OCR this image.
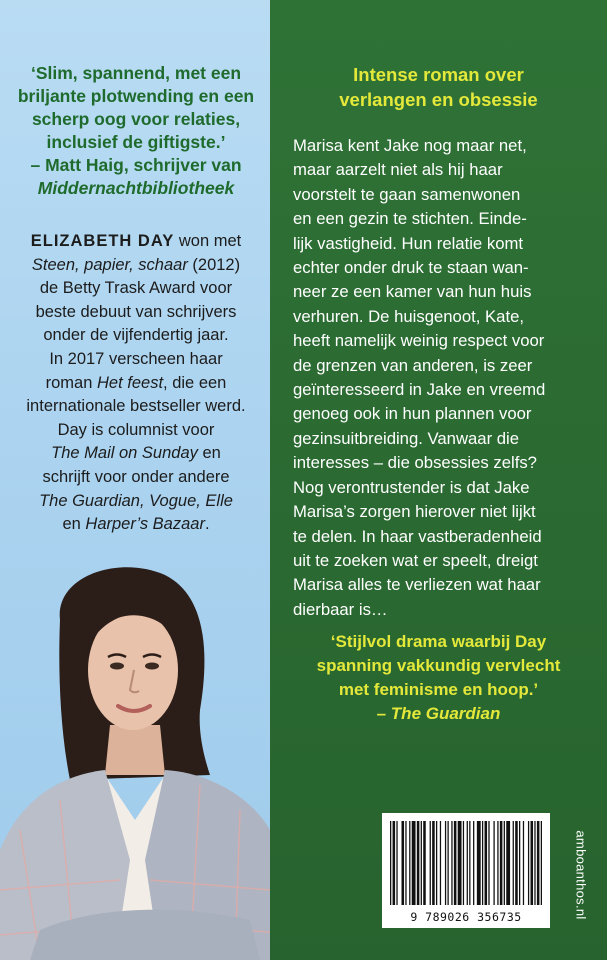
‘Slim, spannend, met een
briljante plotwending en een
scherp oog voor relaties,
inclusief de giftigste.’
– Matt Haig, schrijver van
Middernachtbibliotheek
ELIZABETH DAY won met
Steen, papier, schaar (2012)
de Betty Trask Award voor
beste debuut van schrijvers
onder de vijfendertig jaar.
In 2017 verscheen haar
roman Het feest, die een
internationale bestseller werd.
Day is columnist voor
The Mail on Sunday en
schrijft voor onder andere
The Guardian, Vogue, Elle
en Harper’s Bazaar.
Intense roman over
verlangen en obsessie
Marisa kent Jake nog maar net,
maar aarzelt niet als hij haar
voorstelt te gaan samenwonen
en een gezin te stichten. Einde-
lijk vastigheid. Hun relatie komt
echter onder druk te staan wan-
neer ze een kamer van hun huis
verhuren. De huisgenoot, Kate,
heeft namelijk weinig respect voor
de grenzen van anderen, is zeer
geïnteresseerd in Jake en vreemd
genoeg ook in hun plannen voor
gezinsuitbreiding. Vanwaar die
interesses – die obsessies zelfs?
Nog verontrustender is dat Jake
Marisa’s zorgen hierover niet lijkt
te delen. In haar vastberadenheid
uit te zoeken wat er speelt, dreigt
Marisa alles te verliezen wat haar
dierbaar is…
‘Stijlvol drama waarbij Day
spanning vakkundig vervlecht
met feminisme en hoop.’
– The Guardian
9 789026 356735	amboanthos.nl
